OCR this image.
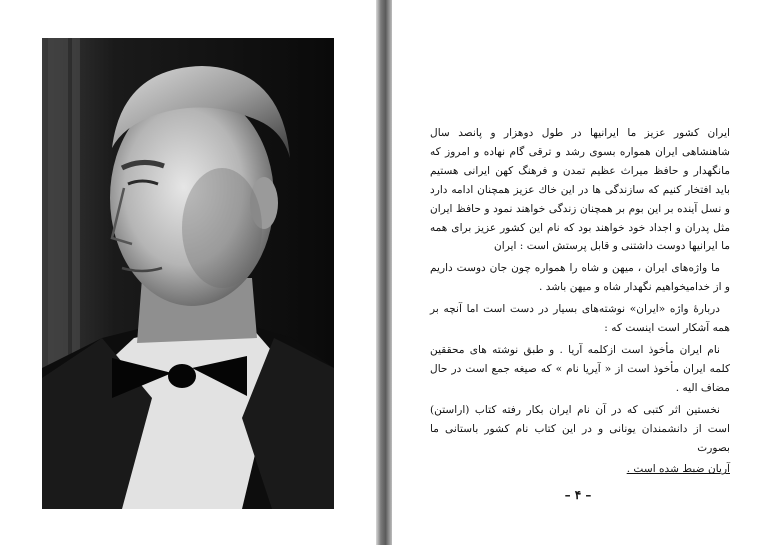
ایران کشور عزیز ما ایرانیها در طول دوهزار و پانصد سال شاهنشاهی ایران همواره بسوی رشد و ترقی گام نهاده و امروز که مانگهدار و حافظ میراث عظیم تمدن و فرهنگ کهن ایرانی هستیم باید افتخار کنیم که سازندگی ها در این خاك عزیز همچنان ادامه دارد و نسل آینده بر این بوم بر همچنان زندگی خواهند نمود و حافظ ایران مثل پدران و اجداد خود خواهند بود که نام این کشور عزیز برای همه ما ایرانیها دوست داشتنی و قابل پرستش است : ایران

ما واژه‌های ایران ، میهن و شاه را همواره چون جان دوست داریم و از خدامیخواهیم نگهدار شاه و میهن باشد .

دربارهٔ واژه «ایران» نوشته‌های بسیار در دست است اما آنچه بر همه آشکار است اینست که :

نام ایران مأخوذ است ازکلمه آریا . و طبق نوشته های محققین کلمه ایران مأخوذ است از « آیریا نام » که صیغه جمع است در حال مضاف الیه .

نخستین اثر کتبی که در آن نام ایران بکار رفته کتاب (اراستن) است از دانشمندان یونانی و در این کتاب نام کشور باستانی ما بصورت

آریان ضبط شده است .

– ۴ –
